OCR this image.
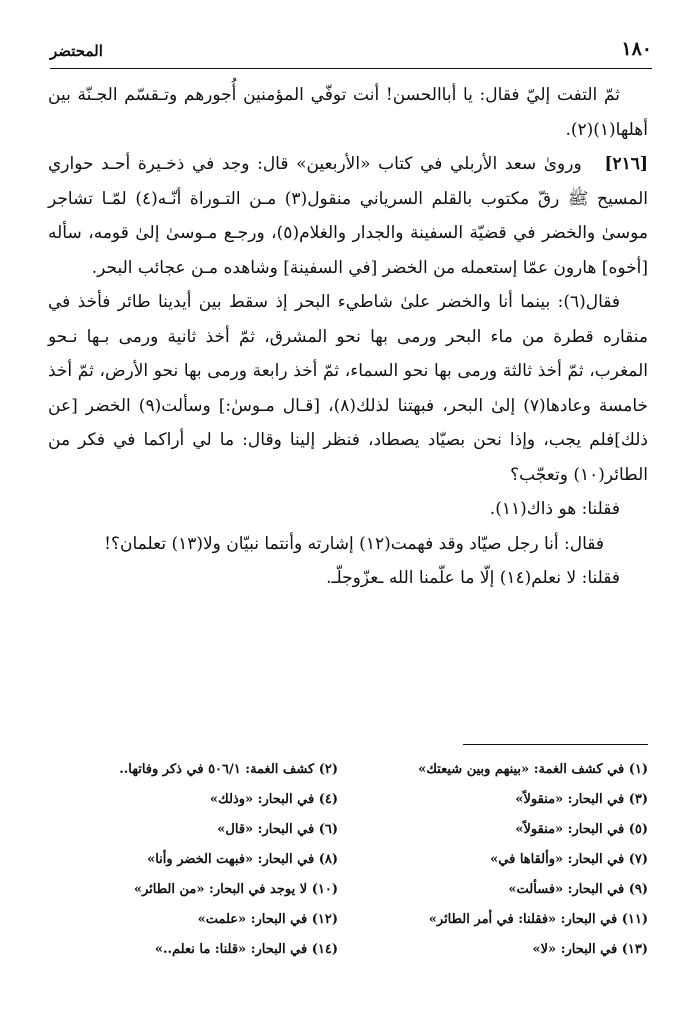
المحتضر	١٨٠

ثمّ التفت إليّ فقال: يا أباالحسن! أنت توفّي المؤمنين أُجورهم وتـقسّم الجـنّة بين أهلها(١)(٢).

[٢١٦]   وروىٰ سعد الأربلي في كتاب «الأربعين» قال: وجد في ذخـيرة أحـد حواري المسيح ﷺ رقّ مكتوب بالقلم السرياني منقول(٣) مـن التـوراة أنّـه(٤) لمّـا تشاجر موسىٰ والخضر في قضيّة السفينة والجدار والغلام(٥)، ورجـع مـوسىٰ إلىٰ قومه، سأله [أخوه] هارون عمّا إستعمله من الخضر [في السفينة] وشاهده مـن عجائب البحر.

فقال(٦): بينما أنا والخضر علىٰ شاطيء البحر إذ سقط بين أيدينا طائر فأخذ في منقاره قطرة من ماء البحر ورمى بها نحو المشرق، ثمّ أخذ ثانية ورمى بـها نـحو المغرب، ثمّ أخذ ثالثة ورمى بها نحو السماء، ثمّ أخذ رابعة ورمى بها نحو الأرض، ثمّ أخذ خامسة وعادها(٧) إلىٰ البحر، فبهتنا لذلك(٨)، [قـال مـوسٰ:] وسألت(٩) الخضر [عن ذلك]فلم يجب، وإذا نحن بصيّاد يصطاد، فنظر إلينا وقال: ما لي أراكما في فكر من الطائر(١٠) وتعجّب؟

فقلنا: هو ذاك(١١).

فقال: أنا رجل صيّاد وقد فهمت(١٢) إشارته وأنتما نبيّان ولا(١٣) تعلمان؟!

فقلنا: لا نعلم(١٤) إلّا ما علّمنا الله ـعزّوجلّـ.

(١) في كشف الغمة: «بينهم وبين شيعتك»
(٢) كشف الغمة: ٥٠٦/١ في ذكر وفاتها..
(٣) في البحار: «منقولاً»
(٤) في البحار: «وذلك»
(٥) في البحار: «منقولاً»
(٦) في البحار: «قال»
(٧) في البحار: «وألقاها في»
(٨) في البحار: «فبهت الخضر وأنا»
(٩) في البحار: «فسألت»
(١٠) لا يوجد في البحار: «من الطائر»
(١١) في البحار: «فقلنا: في أمر الطائر»
(١٢) في البحار: «علمت»
(١٣) في البحار: «لا»
(١٤) في البحار: «قلنا: ما نعلم..»
